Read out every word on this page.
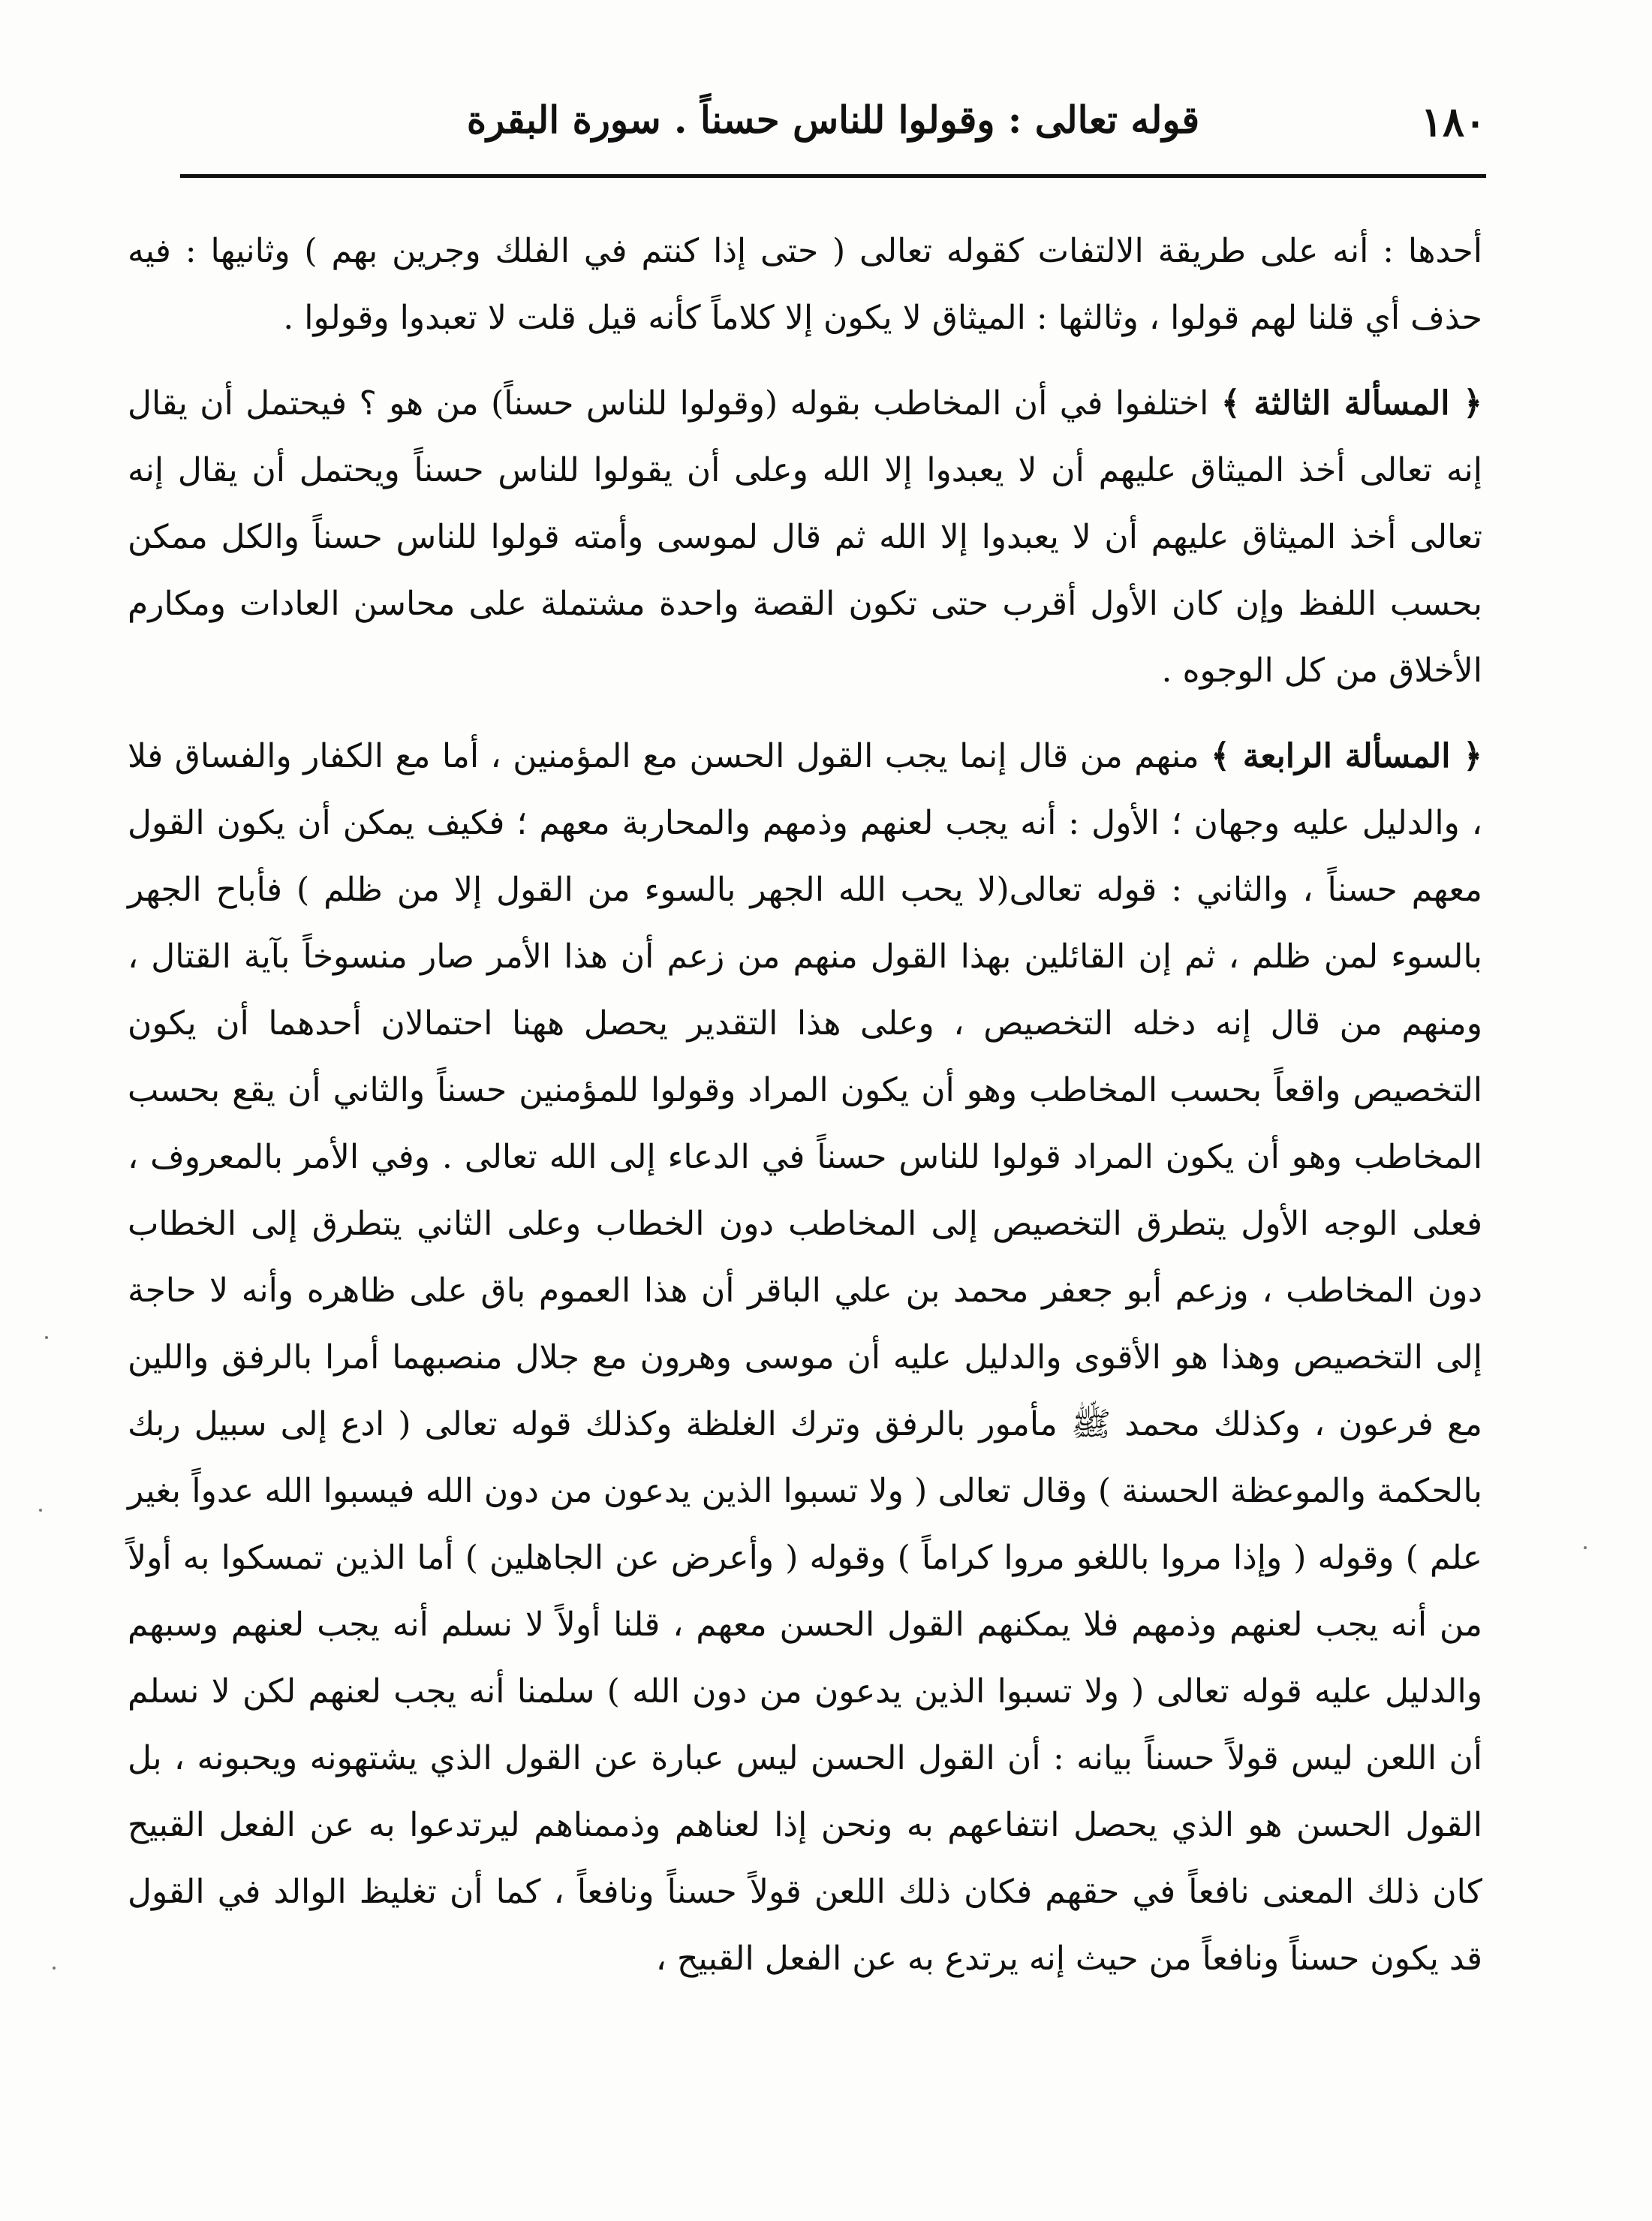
١٨٠
قوله تعالى : وقولوا للناس حسناً . سورة البقرة

أحدها : أنه على طريقة الالتفات كقوله تعالى ( حتى إذا كنتم في الفلك وجرين بهم ) وثانيها : فيه حذف أي قلنا لهم قولوا ، وثالثها : الميثاق لا يكون إلا كلاماً كأنه قيل قلت لا تعبدوا وقولوا .

﴿ المسألة الثالثة ﴾ اختلفوا في أن المخاطب بقوله (وقولوا للناس حسناً) من هو ؟ فيحتمل أن يقال إنه تعالى أخذ الميثاق عليهم أن لا يعبدوا إلا الله وعلى أن يقولوا للناس حسناً ويحتمل أن يقال إنه تعالى أخذ الميثاق عليهم أن لا يعبدوا إلا الله ثم قال لموسى وأمته قولوا للناس حسناً والكل ممكن بحسب اللفظ وإن كان الأول أقرب حتى تكون القصة واحدة مشتملة على محاسن العادات ومكارم الأخلاق من كل الوجوه .

﴿ المسألة الرابعة ﴾ منهم من قال إنما يجب القول الحسن مع المؤمنين ، أما مع الكفار والفساق فلا ، والدليل عليه وجهان ؛ الأول : أنه يجب لعنهم وذمهم والمحاربة معهم ؛ فكيف يمكن أن يكون القول معهم حسناً ، والثاني : قوله تعالى(لا يحب الله الجهر بالسوء من القول إلا من ظلم ) فأباح الجهر بالسوء لمن ظلم ، ثم إن القائلين بهذا القول منهم من زعم أن هذا الأمر صار منسوخاً بآية القتال ، ومنهم من قال إنه دخله التخصيص ، وعلى هذا التقدير يحصل ههنا احتمالان أحدهما أن يكون التخصيص واقعاً بحسب المخاطب وهو أن يكون المراد وقولوا للمؤمنين حسناً والثاني أن يقع بحسب المخاطب وهو أن يكون المراد قولوا للناس حسناً في الدعاء إلى الله تعالى . وفي الأمر بالمعروف ، فعلى الوجه الأول يتطرق التخصيص إلى المخاطب دون الخطاب وعلى الثاني يتطرق إلى الخطاب دون المخاطب ، وزعم أبو جعفر محمد بن علي الباقر أن هذا العموم باق على ظاهره وأنه لا حاجة إلى التخصيص وهذا هو الأقوى والدليل عليه أن موسى وهرون مع جلال منصبهما أمرا بالرفق واللين مع فرعون ، وكذلك محمد ﷺ مأمور بالرفق وترك الغلظة وكذلك قوله تعالى ( ادع إلى سبيل ربك بالحكمة والموعظة الحسنة ) وقال تعالى ( ولا تسبوا الذين يدعون من دون الله فيسبوا الله عدواً بغير علم ) وقوله ( وإذا مروا باللغو مروا كراماً ) وقوله ( وأعرض عن الجاهلين ) أما الذين تمسكوا به أولاً من أنه يجب لعنهم وذمهم فلا يمكنهم القول الحسن معهم ، قلنا أولاً لا نسلم أنه يجب لعنهم وسبهم والدليل عليه قوله تعالى ( ولا تسبوا الذين يدعون من دون الله ) سلمنا أنه يجب لعنهم لكن لا نسلم أن اللعن ليس قولاً حسناً بيانه : أن القول الحسن ليس عبارة عن القول الذي يشتهونه ويحبونه ، بل القول الحسن هو الذي يحصل انتفاعهم به ونحن إذا لعناهم وذممناهم ليرتدعوا به عن الفعل القبيح كان ذلك المعنى نافعاً في حقهم فكان ذلك اللعن قولاً حسناً ونافعاً ، كما أن تغليظ الوالد في القول قد يكون حسناً ونافعاً من حيث إنه يرتدع به عن الفعل القبيح ،
